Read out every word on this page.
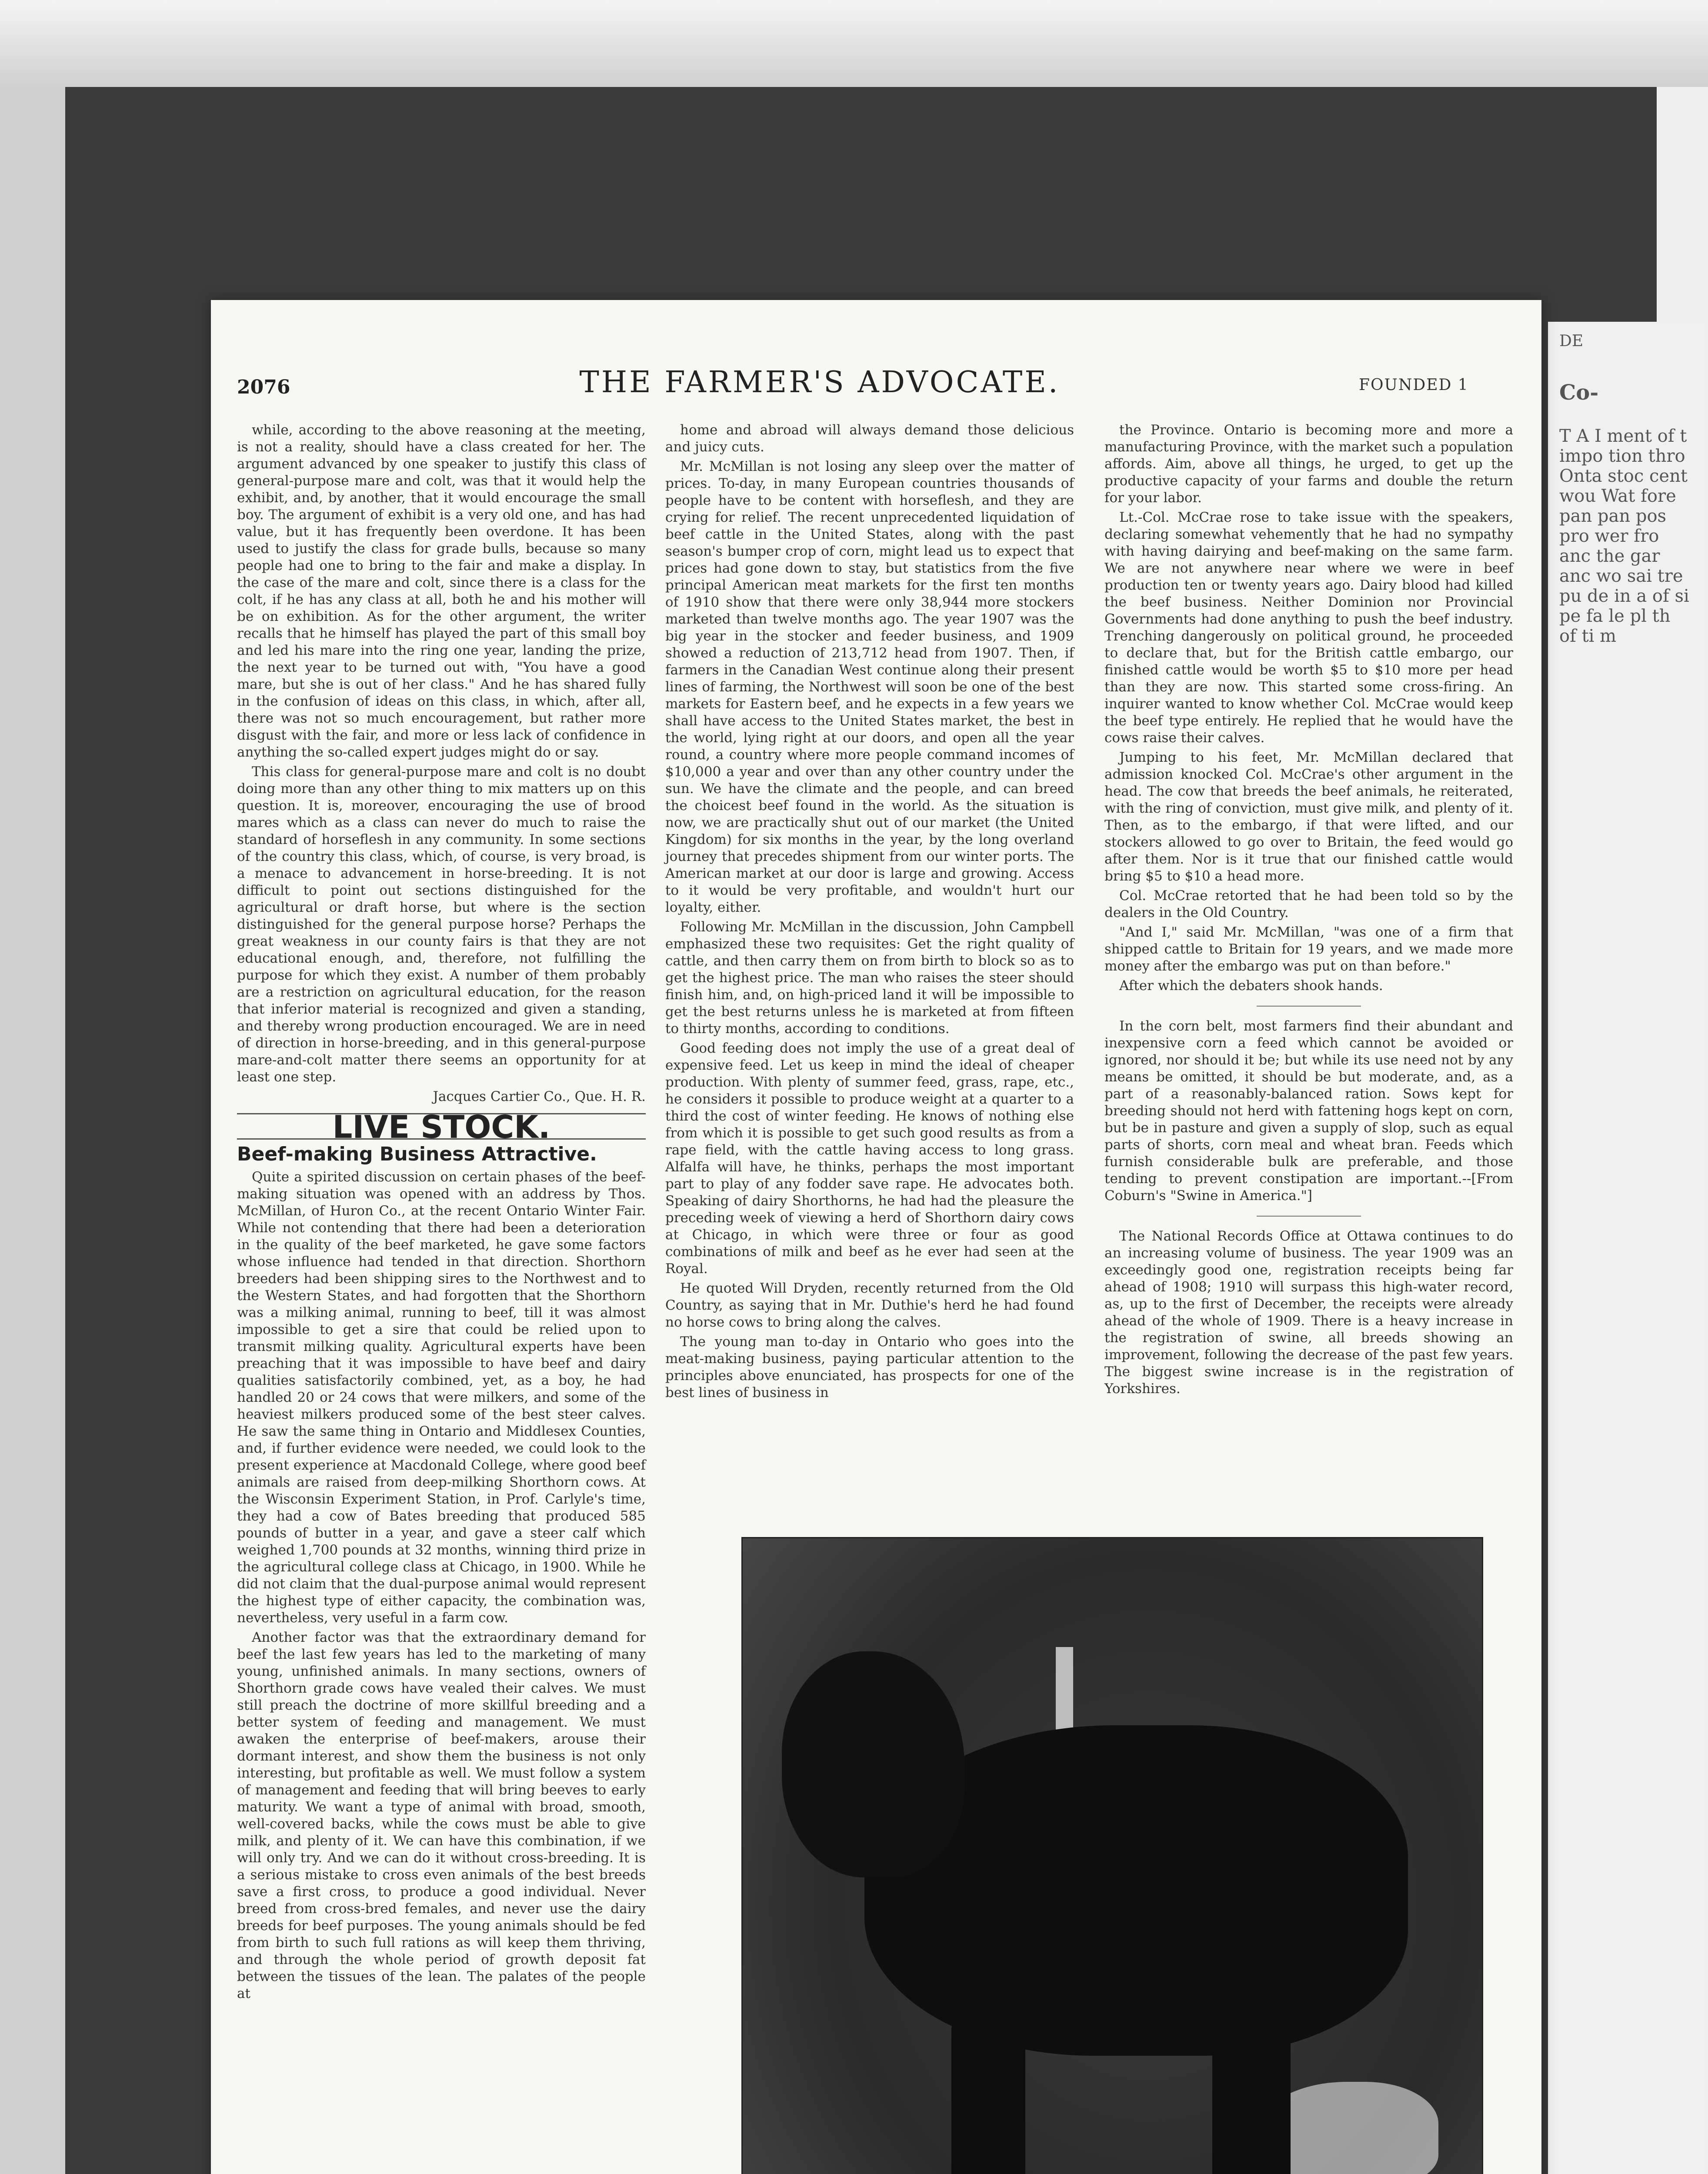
DE
Co-
T A I ment of t impo tion thro Onta stoc cent wou Wat fore pan pan pos pro wer fro anc the gar anc wo sai tre pu de in a of si pe fa le pl th of ti m
2076	THE FARMER'S ADVOCATE.	FOUNDED 1

while, according to the above reasoning at the meeting, is not a reality, should have a class created for her. The argument advanced by one speaker to justify this class of general-purpose mare and colt, was that it would help the exhibit, and, by another, that it would encourage the small boy. The argument of exhibit is a very old one, and has had value, but it has frequently been overdone. It has been used to justify the class for grade bulls, because so many people had one to bring to the fair and make a display. In the case of the mare and colt, since there is a class for the colt, if he has any class at all, both he and his mother will be on exhibition. As for the other argument, the writer recalls that he himself has played the part of this small boy and led his mare into the ring one year, landing the prize, the next year to be turned out with, "You have a good mare, but she is out of her class." And he has shared fully in the confusion of ideas on this class, in which, after all, there was not so much encouragement, but rather more disgust with the fair, and more or less lack of confidence in anything the so-called expert judges might do or say.

This class for general-purpose mare and colt is no doubt doing more than any other thing to mix matters up on this question. It is, moreover, encouraging the use of brood mares which as a class can never do much to raise the standard of horseflesh in any community. In some sections of the country this class, which, of course, is very broad, is a menace to advancement in horse-breeding. It is not difficult to point out sections distinguished for the agricultural or draft horse, but where is the section distinguished for the general purpose horse? Perhaps the great weakness in our county fairs is that they are not educational enough, and, therefore, not fulfilling the purpose for which they exist. A number of them probably are a restriction on agricultural education, for the reason that inferior material is recognized and given a standing, and thereby wrong production encouraged. We are in need of direction in horse-breeding, and in this general-purpose mare-and-colt matter there seems an opportunity for at least one step.

Jacques Cartier Co., Que. H. R.

LIVE STOCK.
Beef-making Business Attractive.

Quite a spirited discussion on certain phases of the beef-making situation was opened with an address by Thos. McMillan, of Huron Co., at the recent Ontario Winter Fair. While not contending that there had been a deterioration in the quality of the beef marketed, he gave some factors whose influence had tended in that direction. Shorthorn breeders had been shipping sires to the Northwest and to the Western States, and had forgotten that the Shorthorn was a milking animal, running to beef, till it was almost impossible to get a sire that could be relied upon to transmit milking quality. Agricultural experts have been preaching that it was impossible to have beef and dairy qualities satisfactorily combined, yet, as a boy, he had handled 20 or 24 cows that were milkers, and some of the heaviest milkers produced some of the best steer calves. He saw the same thing in Ontario and Middlesex Counties, and, if further evidence were needed, we could look to the present experience at Macdonald College, where good beef animals are raised from deep-milking Shorthorn cows. At the Wisconsin Experiment Station, in Prof. Carlyle's time, they had a cow of Bates breeding that produced 585 pounds of butter in a year, and gave a steer calf which weighed 1,700 pounds at 32 months, winning third prize in the agricultural college class at Chicago, in 1900. While he did not claim that the dual-purpose animal would represent the highest type of either capacity, the combination was, nevertheless, very useful in a farm cow.

Another factor was that the extraordinary demand for beef the last few years has led to the marketing of many young, unfinished animals. In many sections, owners of Shorthorn grade cows have vealed their calves. We must still preach the doctrine of more skillful breeding and a better system of feeding and management. We must awaken the enterprise of beef-makers, arouse their dormant interest, and show them the business is not only interesting, but profitable as well. We must follow a system of management and feeding that will bring beeves to early maturity. We want a type of animal with broad, smooth, well-covered backs, while the cows must be able to give milk, and plenty of it. We can have this combination, if we will only try. And we can do it without cross-breeding. It is a serious mistake to cross even animals of the best breeds save a first cross, to produce a good individual. Never breed from cross-bred females, and never use the dairy breeds for beef purposes. The young animals should be fed from birth to such full rations as will keep them thriving, and through the whole period of growth deposit fat between the tissues of the lean. The palates of the people at

home and abroad will always demand those delicious and juicy cuts.

Mr. McMillan is not losing any sleep over the matter of prices. To-day, in many European countries thousands of people have to be content with horseflesh, and they are crying for relief. The recent unprecedented liquidation of beef cattle in the United States, along with the past season's bumper crop of corn, might lead us to expect that prices had gone down to stay, but statistics from the five principal American meat markets for the first ten months of 1910 show that there were only 38,944 more stockers marketed than twelve months ago. The year 1907 was the big year in the stocker and feeder business, and 1909 showed a reduction of 213,712 head from 1907. Then, if farmers in the Canadian West continue along their present lines of farming, the Northwest will soon be one of the best markets for Eastern beef, and he expects in a few years we shall have access to the United States market, the best in the world, lying right at our doors, and open all the year round, a country where more people command incomes of $10,000 a year and over than any other country under the sun. We have the climate and the people, and can breed the choicest beef found in the world. As the situation is now, we are practically shut out of our market (the United Kingdom) for six months in the year, by the long overland journey that precedes shipment from our winter ports. The American market at our door is large and growing. Access to it would be very profitable, and wouldn't hurt our loyalty, either.

Following Mr. McMillan in the discussion, John Campbell emphasized these two requisites: Get the right quality of cattle, and then carry them on from birth to block so as to get the highest price. The man who raises the steer should finish him, and, on high-priced land it will be impossible to get the best returns unless he is marketed at from fifteen to thirty months, according to conditions.

Good feeding does not imply the use of a great deal of expensive feed. Let us keep in mind the ideal of cheaper production. With plenty of summer feed, grass, rape, etc., he considers it possible to produce weight at a quarter to a third the cost of winter feeding. He knows of nothing else from which it is possible to get such good results as from a rape field, with the cattle having access to long grass. Alfalfa will have, he thinks, perhaps the most important part to play of any fodder save rape. He advocates both. Speaking of dairy Shorthorns, he had had the pleasure the preceding week of viewing a herd of Shorthorn dairy cows at Chicago, in which were three or four as good combinations of milk and beef as he ever had seen at the Royal.

He quoted Will Dryden, recently returned from the Old Country, as saying that in Mr. Duthie's herd he had found no horse cows to bring along the calves.

The young man to-day in Ontario who goes into the meat-making business, paying particular attention to the principles above enunciated, has prospects for one of the best lines of business in

the Province. Ontario is becoming more and more a manufacturing Province, with the market such a population affords. Aim, above all things, he urged, to get up the productive capacity of your farms and double the return for your labor.

Lt.-Col. McCrae rose to take issue with the speakers, declaring somewhat vehemently that he had no sympathy with having dairying and beef-making on the same farm. We are not anywhere near where we were in beef production ten or twenty years ago. Dairy blood had killed the beef business. Neither Dominion nor Provincial Governments had done anything to push the beef industry. Trenching dangerously on political ground, he proceeded to declare that, but for the British cattle embargo, our finished cattle would be worth $5 to $10 more per head than they are now. This started some cross-firing. An inquirer wanted to know whether Col. McCrae would keep the beef type entirely. He replied that he would have the cows raise their calves.

Jumping to his feet, Mr. McMillan declared that admission knocked Col. McCrae's other argument in the head. The cow that breeds the beef animals, he reiterated, with the ring of conviction, must give milk, and plenty of it. Then, as to the embargo, if that were lifted, and our stockers allowed to go over to Britain, the feed would go after them. Nor is it true that our finished cattle would bring $5 to $10 a head more.

Col. McCrae retorted that he had been told so by the dealers in the Old Country.

"And I," said Mr. McMillan, "was one of a firm that shipped cattle to Britain for 19 years, and we made more money after the embargo was put on than before."

After which the debaters shook hands.

In the corn belt, most farmers find their abundant and inexpensive corn a feed which cannot be avoided or ignored, nor should it be; but while its use need not by any means be omitted, it should be but moderate, and, as a part of a reasonably-balanced ration. Sows kept for breeding should not herd with fattening hogs kept on corn, but be in pasture and given a supply of slop, such as equal parts of shorts, corn meal and wheat bran. Feeds which furnish considerable bulk are preferable, and those tending to prevent constipation are important.--[From Coburn's "Swine in America."]

The National Records Office at Ottawa continues to do an increasing volume of business. The year 1909 was an exceedingly good one, registration receipts being far ahead of 1908; 1910 will surpass this high-water record, as, up to the first of December, the receipts were already ahead of the whole of 1909. There is a heavy increase in the registration of swine, all breeds showing an improvement, following the decrease of the past few years. The biggest swine increase is in the registration of Yorkshires.
